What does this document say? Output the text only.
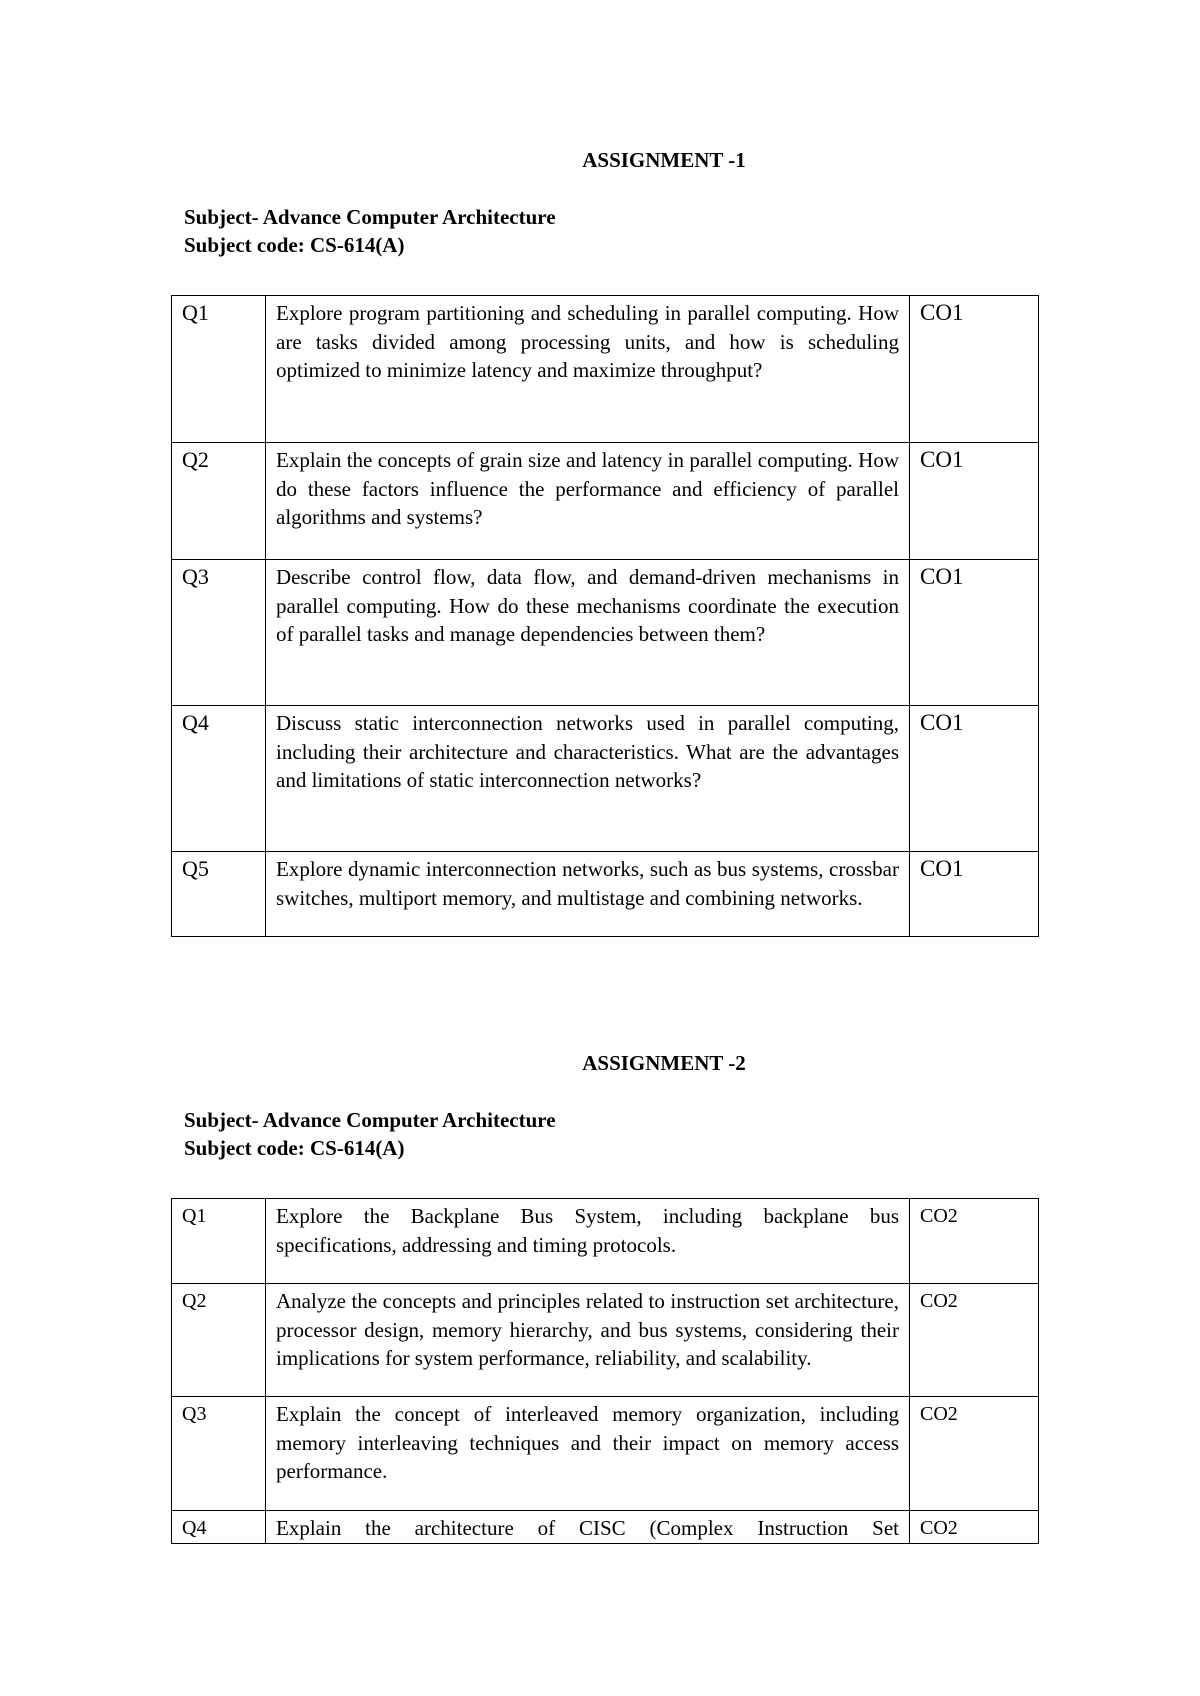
ASSIGNMENT -1
Subject- Advance Computer Architecture
Subject code: CS-614(A)
Q1	Explore program partitioning and scheduling in parallel computing. How are tasks divided among processing units, and how is scheduling optimized to minimize latency and maximize throughput?	CO1
Q2	Explain the concepts of grain size and latency in parallel computing. How do these factors influence the performance and efficiency of parallel algorithms and systems?	CO1
Q3	Describe control flow, data flow, and demand-driven mechanisms in parallel computing. How do these mechanisms coordinate the execution of parallel tasks and manage dependencies between them?	CO1
Q4	Discuss static interconnection networks used in parallel computing, including their architecture and characteristics. What are the advantages and limitations of static interconnection networks?	CO1
Q5	Explore dynamic interconnection networks, such as bus systems, crossbar switches, multiport memory, and multistage and combining networks.	CO1
ASSIGNMENT -2
Subject- Advance Computer Architecture
Subject code: CS-614(A)
Q1	Explore the Backplane Bus System, including backplane bus specifications, addressing and timing protocols.	CO2
Q2	Analyze the concepts and principles related to instruction set architecture, processor design, memory hierarchy, and bus systems, considering their implications for system performance, reliability, and scalability.	CO2
Q3	Explain the concept of interleaved memory organization, including memory interleaving techniques and their impact on memory access performance.	CO2
Q4	Explain the architecture of CISC (Complex Instruction Set	CO2
